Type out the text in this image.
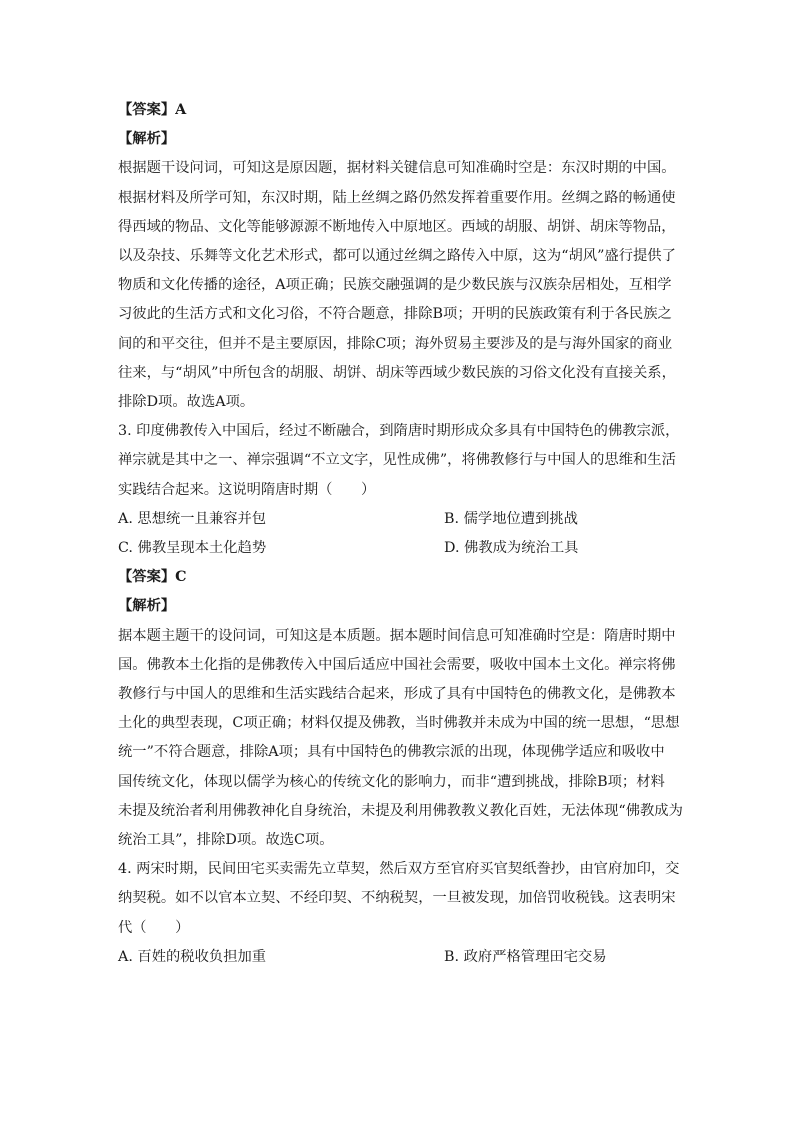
【答案】A
【解析】
根据题干设问词，可知这是原因题，据材料关键信息可知准确时空是：东汉时期的中国。
根据材料及所学可知，东汉时期，陆上丝绸之路仍然发挥着重要作用。丝绸之路的畅通使
得西域的物品、文化等能够源源不断地传入中原地区。西域的胡服、胡饼、胡床等物品，
以及杂技、乐舞等文化艺术形式，都可以通过丝绸之路传入中原，这为“胡风”盛行提供了
物质和文化传播的途径，A项正确；民族交融强调的是少数民族与汉族杂居相处，互相学
习彼此的生活方式和文化习俗，不符合题意，排除B项；开明的民族政策有利于各民族之
间的和平交往，但并不是主要原因，排除C项；海外贸易主要涉及的是与海外国家的商业
往来，与“胡风”中所包含的胡服、胡饼、胡床等西域少数民族的习俗文化没有直接关系，
排除D项。故选A项。
3. 印度佛教传入中国后，经过不断融合，到隋唐时期形成众多具有中国特色的佛教宗派，
禅宗就是其中之一、禅宗强调“不立文字，见性成佛”，将佛教修行与中国人的思维和生活
实践结合起来。这说明隋唐时期（　　）
A. 思想统一且兼容并包	B. 儒学地位遭到挑战
C. 佛教呈现本土化趋势	D. 佛教成为统治工具
【答案】C
【解析】
据本题主题干的设问词，可知这是本质题。据本题时间信息可知准确时空是：隋唐时期中
国。佛教本土化指的是佛教传入中国后适应中国社会需要，吸收中国本土文化。禅宗将佛
教修行与中国人的思维和生活实践结合起来，形成了具有中国特色的佛教文化，是佛教本
土化的典型表现，C项正确；材料仅提及佛教，当时佛教并未成为中国的统一思想，“思想
统一”不符合题意，排除A项；具有中国特色的佛教宗派的出现，体现佛学适应和吸收中
国传统文化，体现以儒学为核心的传统文化的影响力，而非“遭到挑战，排除B项；材料
未提及统治者利用佛教神化自身统治，未提及利用佛教教义教化百姓，无法体现“佛教成为
统治工具”，排除D项。故选C项。
4. 两宋时期，民间田宅买卖需先立草契，然后双方至官府买官契纸誊抄，由官府加印，交
纳契税。如不以官本立契、不经印契、不纳税契，一旦被发现，加倍罚收税钱。这表明宋
代（　　）
A. 百姓的税收负担加重	B. 政府严格管理田宅交易
